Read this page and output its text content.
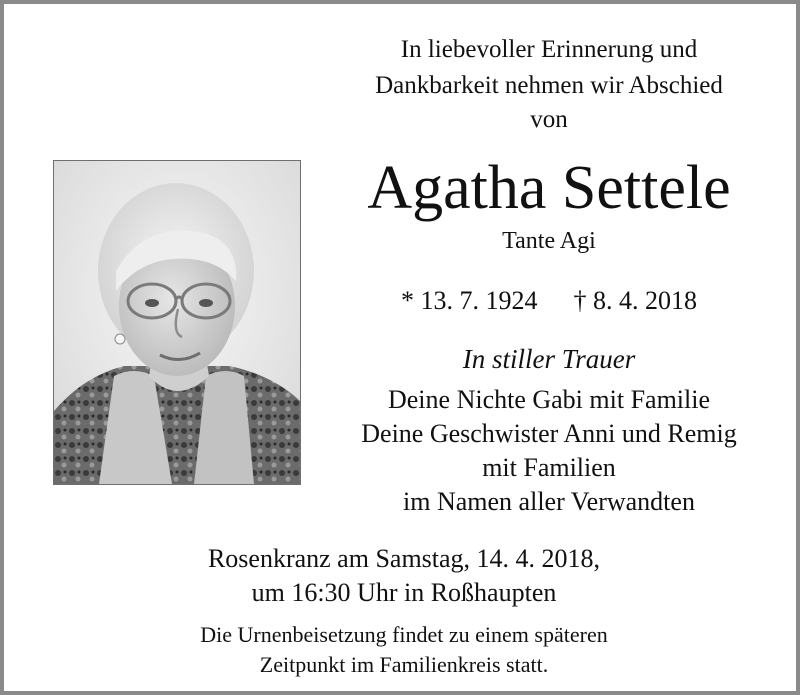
In liebevoller Erinnerung und
Dankbarkeit nehmen wir Abschied
von
Agatha Settele
Tante Agi
* 13. 7. 1924 † 8. 4. 2018
In stiller Trauer
Deine Nichte Gabi mit Familie
Deine Geschwister Anni und Remig
mit Familien
im Namen aller Verwandten
Rosenkranz am Samstag, 14. 4. 2018,
um 16:30 Uhr in Roßhaupten
Die Urnenbeisetzung findet zu einem späteren
Zeitpunkt im Familienkreis statt.
